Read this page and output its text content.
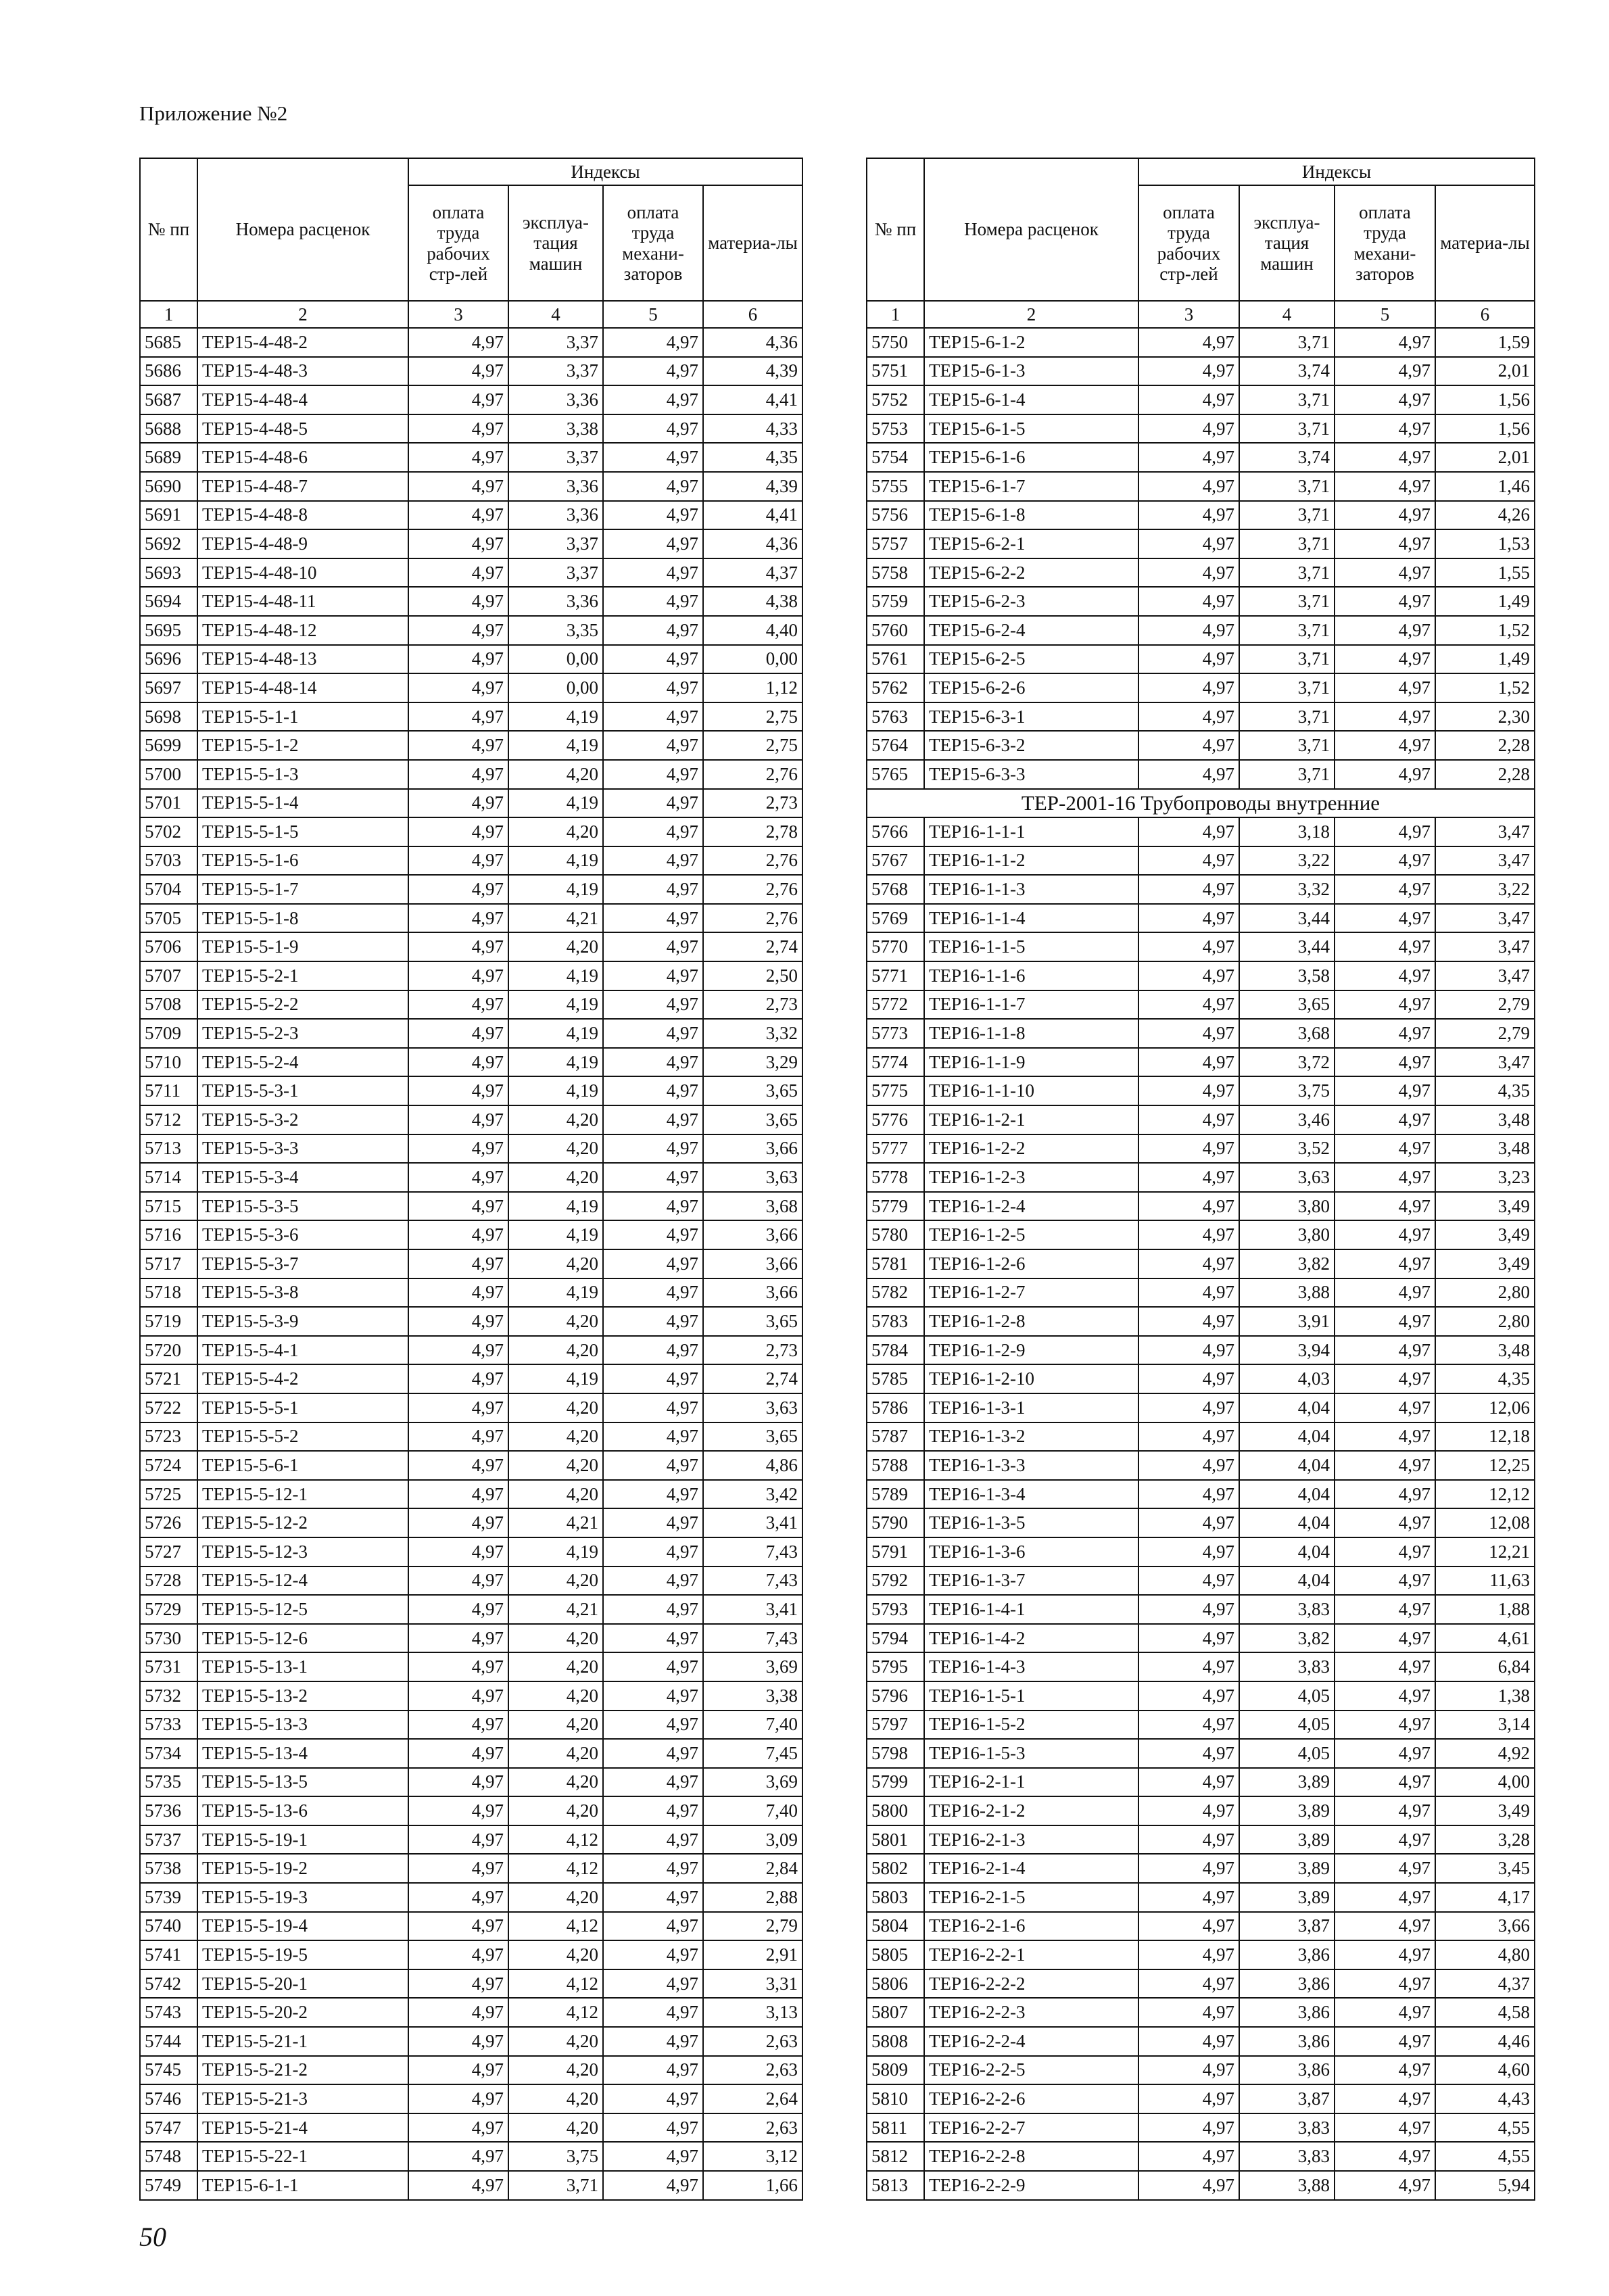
Приложение №2
№ пп	Номера расценок	Индексы			
		оплата труда рабочих стр-лей	эксплуа-тация машин	оплата труда механи-заторов	материа-лы
1	2	3	4	5	6
5685	ТЕР15-4-48-2	4,97	3,37	4,97	4,36
5686	ТЕР15-4-48-3	4,97	3,37	4,97	4,39
5687	ТЕР15-4-48-4	4,97	3,36	4,97	4,41
5688	ТЕР15-4-48-5	4,97	3,38	4,97	4,33
5689	ТЕР15-4-48-6	4,97	3,37	4,97	4,35
5690	ТЕР15-4-48-7	4,97	3,36	4,97	4,39
5691	ТЕР15-4-48-8	4,97	3,36	4,97	4,41
5692	ТЕР15-4-48-9	4,97	3,37	4,97	4,36
5693	ТЕР15-4-48-10	4,97	3,37	4,97	4,37
5694	ТЕР15-4-48-11	4,97	3,36	4,97	4,38
5695	ТЕР15-4-48-12	4,97	3,35	4,97	4,40
5696	ТЕР15-4-48-13	4,97	0,00	4,97	0,00
5697	ТЕР15-4-48-14	4,97	0,00	4,97	1,12
5698	ТЕР15-5-1-1	4,97	4,19	4,97	2,75
5699	ТЕР15-5-1-2	4,97	4,19	4,97	2,75
5700	ТЕР15-5-1-3	4,97	4,20	4,97	2,76
5701	ТЕР15-5-1-4	4,97	4,19	4,97	2,73
5702	ТЕР15-5-1-5	4,97	4,20	4,97	2,78
5703	ТЕР15-5-1-6	4,97	4,19	4,97	2,76
5704	ТЕР15-5-1-7	4,97	4,19	4,97	2,76
5705	ТЕР15-5-1-8	4,97	4,21	4,97	2,76
5706	ТЕР15-5-1-9	4,97	4,20	4,97	2,74
5707	ТЕР15-5-2-1	4,97	4,19	4,97	2,50
5708	ТЕР15-5-2-2	4,97	4,19	4,97	2,73
5709	ТЕР15-5-2-3	4,97	4,19	4,97	3,32
5710	ТЕР15-5-2-4	4,97	4,19	4,97	3,29
5711	ТЕР15-5-3-1	4,97	4,19	4,97	3,65
5712	ТЕР15-5-3-2	4,97	4,20	4,97	3,65
5713	ТЕР15-5-3-3	4,97	4,20	4,97	3,66
5714	ТЕР15-5-3-4	4,97	4,20	4,97	3,63
5715	ТЕР15-5-3-5	4,97	4,19	4,97	3,68
5716	ТЕР15-5-3-6	4,97	4,19	4,97	3,66
5717	ТЕР15-5-3-7	4,97	4,20	4,97	3,66
5718	ТЕР15-5-3-8	4,97	4,19	4,97	3,66
5719	ТЕР15-5-3-9	4,97	4,20	4,97	3,65
5720	ТЕР15-5-4-1	4,97	4,20	4,97	2,73
5721	ТЕР15-5-4-2	4,97	4,19	4,97	2,74
5722	ТЕР15-5-5-1	4,97	4,20	4,97	3,63
5723	ТЕР15-5-5-2	4,97	4,20	4,97	3,65
5724	ТЕР15-5-6-1	4,97	4,20	4,97	4,86
5725	ТЕР15-5-12-1	4,97	4,20	4,97	3,42
5726	ТЕР15-5-12-2	4,97	4,21	4,97	3,41
5727	ТЕР15-5-12-3	4,97	4,19	4,97	7,43
5728	ТЕР15-5-12-4	4,97	4,20	4,97	7,43
5729	ТЕР15-5-12-5	4,97	4,21	4,97	3,41
5730	ТЕР15-5-12-6	4,97	4,20	4,97	7,43
5731	ТЕР15-5-13-1	4,97	4,20	4,97	3,69
5732	ТЕР15-5-13-2	4,97	4,20	4,97	3,38
5733	ТЕР15-5-13-3	4,97	4,20	4,97	7,40
5734	ТЕР15-5-13-4	4,97	4,20	4,97	7,45
5735	ТЕР15-5-13-5	4,97	4,20	4,97	3,69
5736	ТЕР15-5-13-6	4,97	4,20	4,97	7,40
5737	ТЕР15-5-19-1	4,97	4,12	4,97	3,09
5738	ТЕР15-5-19-2	4,97	4,12	4,97	2,84
5739	ТЕР15-5-19-3	4,97	4,20	4,97	2,88
5740	ТЕР15-5-19-4	4,97	4,12	4,97	2,79
5741	ТЕР15-5-19-5	4,97	4,20	4,97	2,91
5742	ТЕР15-5-20-1	4,97	4,12	4,97	3,31
5743	ТЕР15-5-20-2	4,97	4,12	4,97	3,13
5744	ТЕР15-5-21-1	4,97	4,20	4,97	2,63
5745	ТЕР15-5-21-2	4,97	4,20	4,97	2,63
5746	ТЕР15-5-21-3	4,97	4,20	4,97	2,64
5747	ТЕР15-5-21-4	4,97	4,20	4,97	2,63
5748	ТЕР15-5-22-1	4,97	3,75	4,97	3,12
5749	ТЕР15-6-1-1	4,97	3,71	4,97	1,66
№ пп	Номера расценок	Индексы			
		оплата труда рабочих стр-лей	эксплуа-тация машин	оплата труда механи-заторов	материа-лы
1	2	3	4	5	6
5750	ТЕР15-6-1-2	4,97	3,71	4,97	1,59
5751	ТЕР15-6-1-3	4,97	3,74	4,97	2,01
5752	ТЕР15-6-1-4	4,97	3,71	4,97	1,56
5753	ТЕР15-6-1-5	4,97	3,71	4,97	1,56
5754	ТЕР15-6-1-6	4,97	3,74	4,97	2,01
5755	ТЕР15-6-1-7	4,97	3,71	4,97	1,46
5756	ТЕР15-6-1-8	4,97	3,71	4,97	4,26
5757	ТЕР15-6-2-1	4,97	3,71	4,97	1,53
5758	ТЕР15-6-2-2	4,97	3,71	4,97	1,55
5759	ТЕР15-6-2-3	4,97	3,71	4,97	1,49
5760	ТЕР15-6-2-4	4,97	3,71	4,97	1,52
5761	ТЕР15-6-2-5	4,97	3,71	4,97	1,49
5762	ТЕР15-6-2-6	4,97	3,71	4,97	1,52
5763	ТЕР15-6-3-1	4,97	3,71	4,97	2,30
5764	ТЕР15-6-3-2	4,97	3,71	4,97	2,28
5765	ТЕР15-6-3-3	4,97	3,71	4,97	2,28
ТЕР-2001-16 Трубопроводы внутренние					
5766	ТЕР16-1-1-1	4,97	3,18	4,97	3,47
5767	ТЕР16-1-1-2	4,97	3,22	4,97	3,47
5768	ТЕР16-1-1-3	4,97	3,32	4,97	3,22
5769	ТЕР16-1-1-4	4,97	3,44	4,97	3,47
5770	ТЕР16-1-1-5	4,97	3,44	4,97	3,47
5771	ТЕР16-1-1-6	4,97	3,58	4,97	3,47
5772	ТЕР16-1-1-7	4,97	3,65	4,97	2,79
5773	ТЕР16-1-1-8	4,97	3,68	4,97	2,79
5774	ТЕР16-1-1-9	4,97	3,72	4,97	3,47
5775	ТЕР16-1-1-10	4,97	3,75	4,97	4,35
5776	ТЕР16-1-2-1	4,97	3,46	4,97	3,48
5777	ТЕР16-1-2-2	4,97	3,52	4,97	3,48
5778	ТЕР16-1-2-3	4,97	3,63	4,97	3,23
5779	ТЕР16-1-2-4	4,97	3,80	4,97	3,49
5780	ТЕР16-1-2-5	4,97	3,80	4,97	3,49
5781	ТЕР16-1-2-6	4,97	3,82	4,97	3,49
5782	ТЕР16-1-2-7	4,97	3,88	4,97	2,80
5783	ТЕР16-1-2-8	4,97	3,91	4,97	2,80
5784	ТЕР16-1-2-9	4,97	3,94	4,97	3,48
5785	ТЕР16-1-2-10	4,97	4,03	4,97	4,35
5786	ТЕР16-1-3-1	4,97	4,04	4,97	12,06
5787	ТЕР16-1-3-2	4,97	4,04	4,97	12,18
5788	ТЕР16-1-3-3	4,97	4,04	4,97	12,25
5789	ТЕР16-1-3-4	4,97	4,04	4,97	12,12
5790	ТЕР16-1-3-5	4,97	4,04	4,97	12,08
5791	ТЕР16-1-3-6	4,97	4,04	4,97	12,21
5792	ТЕР16-1-3-7	4,97	4,04	4,97	11,63
5793	ТЕР16-1-4-1	4,97	3,83	4,97	1,88
5794	ТЕР16-1-4-2	4,97	3,82	4,97	4,61
5795	ТЕР16-1-4-3	4,97	3,83	4,97	6,84
5796	ТЕР16-1-5-1	4,97	4,05	4,97	1,38
5797	ТЕР16-1-5-2	4,97	4,05	4,97	3,14
5798	ТЕР16-1-5-3	4,97	4,05	4,97	4,92
5799	ТЕР16-2-1-1	4,97	3,89	4,97	4,00
5800	ТЕР16-2-1-2	4,97	3,89	4,97	3,49
5801	ТЕР16-2-1-3	4,97	3,89	4,97	3,28
5802	ТЕР16-2-1-4	4,97	3,89	4,97	3,45
5803	ТЕР16-2-1-5	4,97	3,89	4,97	4,17
5804	ТЕР16-2-1-6	4,97	3,87	4,97	3,66
5805	ТЕР16-2-2-1	4,97	3,86	4,97	4,80
5806	ТЕР16-2-2-2	4,97	3,86	4,97	4,37
5807	ТЕР16-2-2-3	4,97	3,86	4,97	4,58
5808	ТЕР16-2-2-4	4,97	3,86	4,97	4,46
5809	ТЕР16-2-2-5	4,97	3,86	4,97	4,60
5810	ТЕР16-2-2-6	4,97	3,87	4,97	4,43
5811	ТЕР16-2-2-7	4,97	3,83	4,97	4,55
5812	ТЕР16-2-2-8	4,97	3,83	4,97	4,55
5813	ТЕР16-2-2-9	4,97	3,88	4,97	5,94
50
